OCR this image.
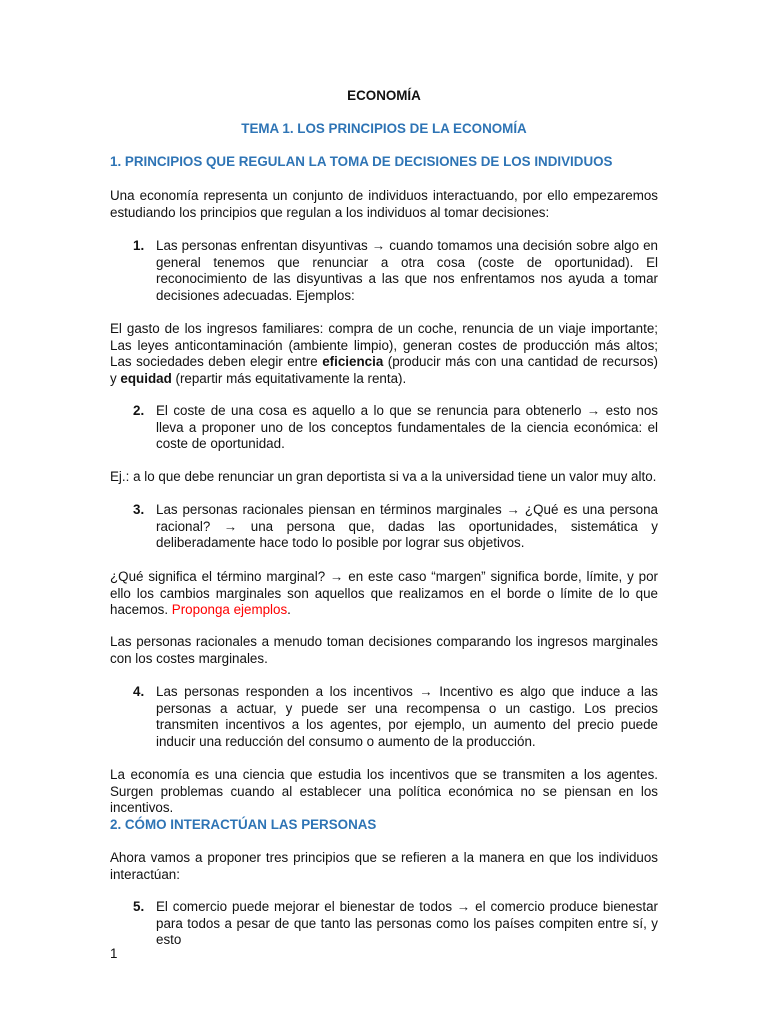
ECONOMÍA

TEMA 1. LOS PRINCIPIOS DE LA ECONOMÍA

1. PRINCIPIOS QUE REGULAN LA TOMA DE DECISIONES DE LOS INDIVIDUOS

Una economía representa un conjunto de individuos interactuando, por ello empezaremos estudiando los principios que regulan a los individuos al tomar decisiones:

1. Las personas enfrentan disyuntivas → cuando tomamos una decisión sobre algo en general tenemos que renunciar a otra cosa (coste de oportunidad). El reconocimiento de las disyuntivas a las que nos enfrentamos nos ayuda a tomar decisiones adecuadas. Ejemplos:

El gasto de los ingresos familiares: compra de un coche, renuncia de un viaje importante; Las leyes anticontaminación (ambiente limpio), generan costes de producción más altos; Las sociedades deben elegir entre eficiencia (producir más con una cantidad de recursos) y equidad (repartir más equitativamente la renta).

2. El coste de una cosa es aquello a lo que se renuncia para obtenerlo → esto nos lleva a proponer uno de los conceptos fundamentales de la ciencia económica: el coste de oportunidad.

Ej.: a lo que debe renunciar un gran deportista si va a la universidad tiene un valor muy alto.

3. Las personas racionales piensan en términos marginales → ¿Qué es una persona racional? → una persona que, dadas las oportunidades, sistemática y deliberadamente hace todo lo posible por lograr sus objetivos.

¿Qué significa el término marginal? → en este caso “margen” significa borde, límite, y por ello los cambios marginales son aquellos que realizamos en el borde o límite de lo que hacemos. Proponga ejemplos.

Las personas racionales a menudo toman decisiones comparando los ingresos marginales con los costes marginales.

4. Las personas responden a los incentivos → Incentivo es algo que induce a las personas a actuar, y puede ser una recompensa o un castigo. Los precios transmiten incentivos a los agentes, por ejemplo, un aumento del precio puede inducir una reducción del consumo o aumento de la producción.

La economía es una ciencia que estudia los incentivos que se transmiten a los agentes. Surgen problemas cuando al establecer una política económica no se piensan en los incentivos.

2. CÓMO INTERACTÚAN LAS PERSONAS

Ahora vamos a proponer tres principios que se refieren a la manera en que los individuos interactúan:

5. El comercio puede mejorar el bienestar de todos → el comercio produce bienestar para todos a pesar de que tanto las personas como los países compiten entre sí, y esto

1
